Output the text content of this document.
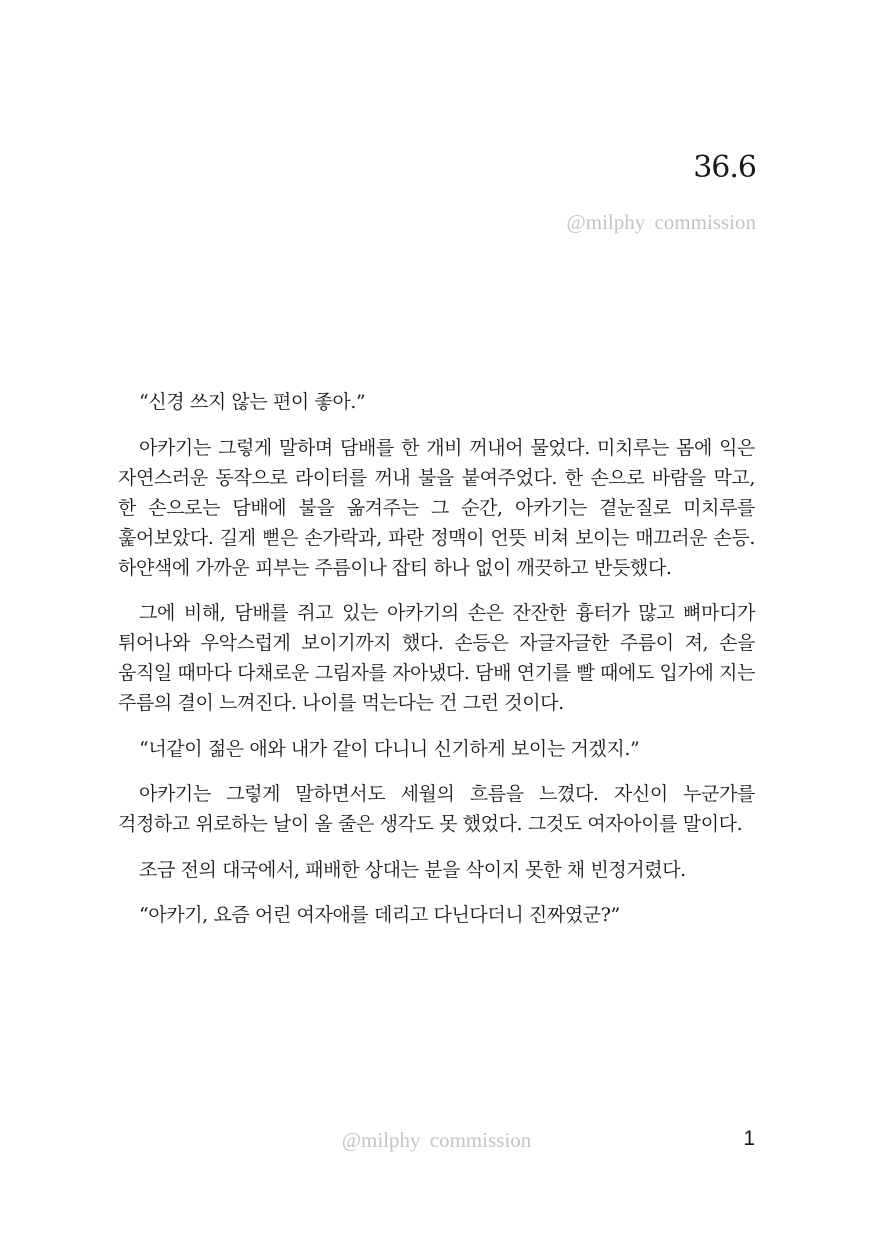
36.6
@milphy commission

“신경 쓰지 않는 편이 좋아.”

아카기는 그렇게 말하며 담배를 한 개비 꺼내어 물었다. 미치루는 몸에 익은 자연스러운 동작으로 라이터를 꺼내 불을 붙여주었다. 한 손으로 바람을 막고, 한 손으로는 담배에 불을 옮겨주는 그 순간, 아카기는 곁눈질로 미치루를 훑어보았다. 길게 뻗은 손가락과, 파란 정맥이 언뜻 비쳐 보이는 매끄러운 손등. 하얀색에 가까운 피부는 주름이나 잡티 하나 없이 깨끗하고 반듯했다.

그에 비해, 담배를 쥐고 있는 아카기의 손은 잔잔한 흉터가 많고 뼈마디가 튀어나와 우악스럽게 보이기까지 했다. 손등은 자글자글한 주름이 져, 손을 움직일 때마다 다채로운 그림자를 자아냈다. 담배 연기를 빨 때에도 입가에 지는 주름의 결이 느껴진다. 나이를 먹는다는 건 그런 것이다.

“너같이 젊은 애와 내가 같이 다니니 신기하게 보이는 거겠지.”

아카기는 그렇게 말하면서도 세월의 흐름을 느꼈다. 자신이 누군가를 걱정하고 위로하는 날이 올 줄은 생각도 못 했었다. 그것도 여자아이를 말이다.

조금 전의 대국에서, 패배한 상대는 분을 삭이지 못한 채 빈정거렸다.

“아카기, 요즘 어린 여자애를 데리고 다닌다더니 진짜였군?”

@milphy commission	1
